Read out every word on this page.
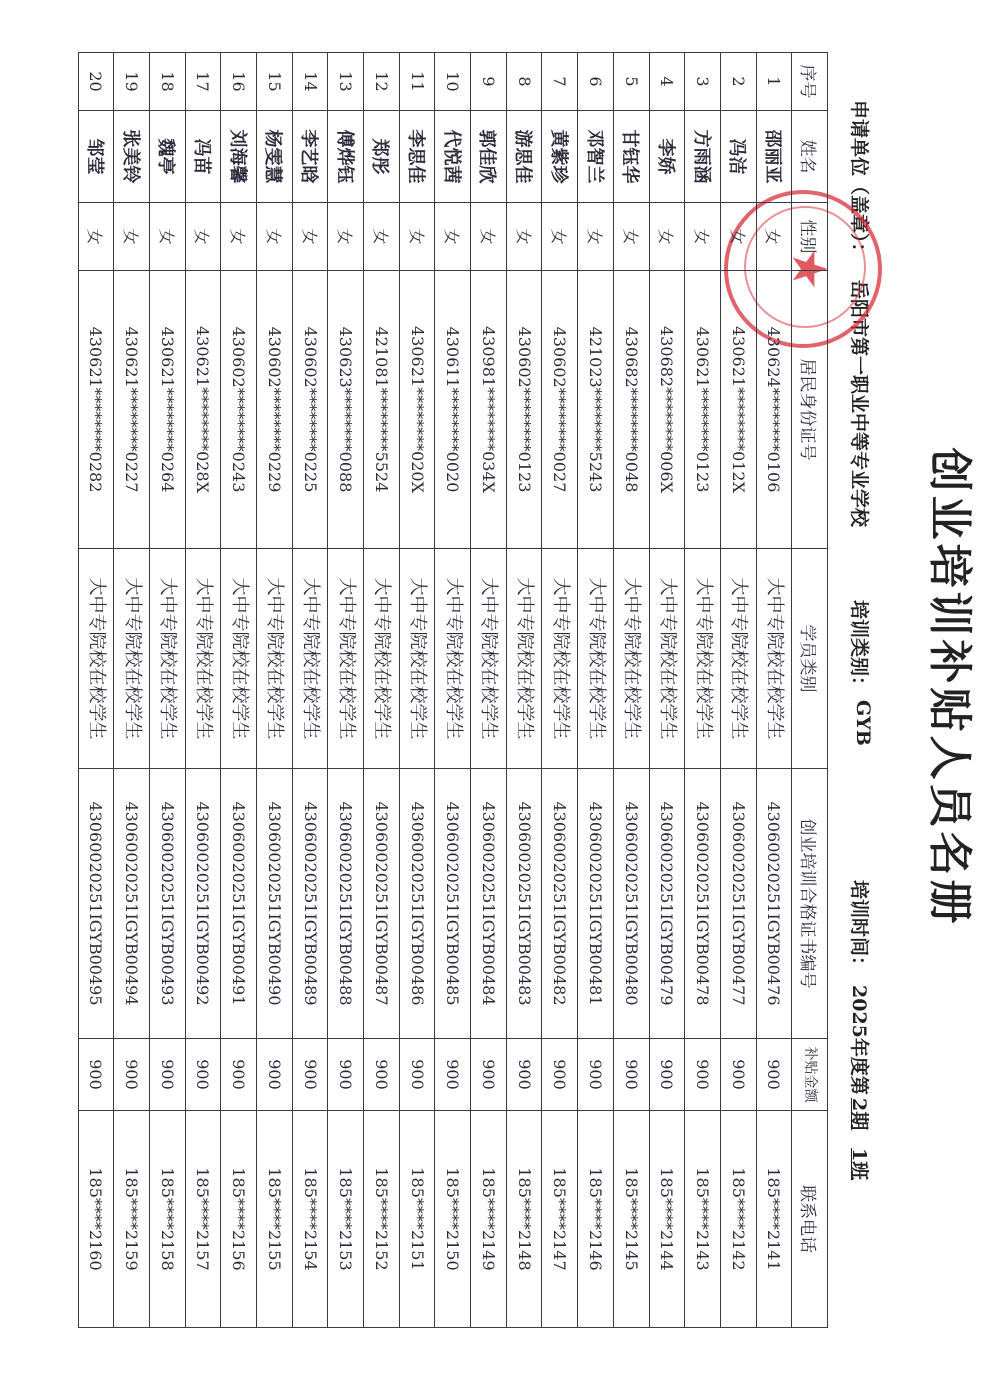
创业培训补贴人员名册
申请单位（盖章）：
岳阳市第一职业中等专业学校
培训类别：
GYB
培训时间：
2025年度第
2期
1班
★
序号	姓名	性别	居民身份证号	学员类别	创业培训合格证书编号	补贴金额	联系电话
1	邵丽亚	女	430624********0106	大中专院校在校学生	43060020251IGYB00476	900	185****2141
2	冯洁	女	430621********012X	大中专院校在校学生	43060020251IGYB00477	900	185****2142
3	方雨涵	女	430621********0123	大中专院校在校学生	43060020251IGYB00478	900	185****2143
4	李娇	女	430682********006X	大中专院校在校学生	43060020251IGYB00479	900	185****2144
5	甘钰华	女	430682********0048	大中专院校在校学生	43060020251IGYB00480	900	185****2145
6	邓智兰	女	421023********5243	大中专院校在校学生	43060020251IGYB00481	900	185****2146
7	黄紫珍	女	430602********0027	大中专院校在校学生	43060020251IGYB00482	900	185****2147
8	游思佳	女	430602********0123	大中专院校在校学生	43060020251IGYB00483	900	185****2148
9	郭佳欣	女	430981********034X	大中专院校在校学生	43060020251IGYB00484	900	185****2149
10	代悦茜	女	430611********0020	大中专院校在校学生	43060020251IGYB00485	900	185****2150
11	李思佳	女	430621********020X	大中专院校在校学生	43060020251IGYB00486	900	185****2151
12	郑彤	女	421081********5524	大中专院校在校学生	43060020251IGYB00487	900	185****2152
13	傅烨钰	女	430623********0088	大中专院校在校学生	43060020251IGYB00488	900	185****2153
14	李艺晗	女	430602********0225	大中专院校在校学生	43060020251IGYB00489	900	185****2154
15	杨雯慧	女	430602********0229	大中专院校在校学生	43060020251IGYB00490	900	185****2155
16	刘海馨	女	430602********0243	大中专院校在校学生	43060020251IGYB00491	900	185****2156
17	冯苗	女	430621********028X	大中专院校在校学生	43060020251IGYB00492	900	185****2157
18	魏亭	女	430621********0264	大中专院校在校学生	43060020251IGYB00493	900	185****2158
19	张美铃	女	430621********0227	大中专院校在校学生	43060020251IGYB00494	900	185****2159
20	邹莹	女	430621********0282	大中专院校在校学生	43060020251IGYB00495	900	185****2160
